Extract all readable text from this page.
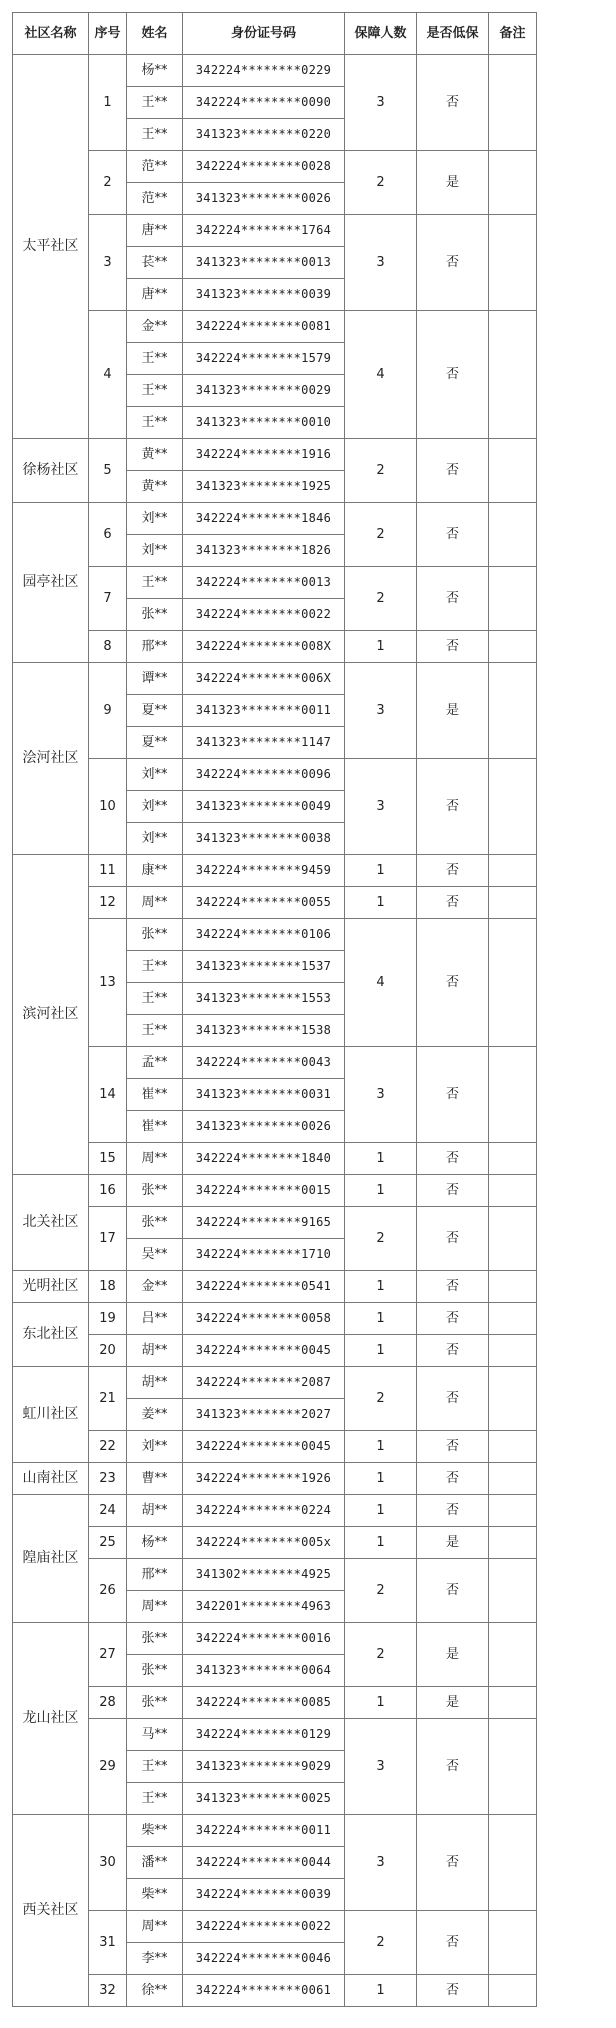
社区名称	序号	姓名	身份证号码	保障人数	是否低保	备注
太平社区	1	杨**	342224********0229	3	否	
		王**	342224********0090			
		王**	341323********0220			
	2	范**	342224********0028	2	是	
		范**	341323********0026			
	3	唐**	342224********1764	3	否	
		苌**	341323********0013			
		唐**	341323********0039			
	4	金**	342224********0081	4	否	
		王**	342224********1579			
		王**	341323********0029			
		王**	341323********0010			
徐杨社区	5	黄**	342224********1916	2	否	
		黄**	341323********1925			
园亭社区	6	刘**	342224********1846	2	否	
		刘**	341323********1826			
	7	王**	342224********0013	2	否	
		张**	342224********0022			
	8	邢**	342224********008X	1	否	
浍河社区	9	谭**	342224********006X	3	是	
		夏**	341323********0011			
		夏**	341323********1147			
	10	刘**	342224********0096	3	否	
		刘**	341323********0049			
		刘**	341323********0038			
滨河社区	11	康**	342224********9459	1	否	
	12	周**	342224********0055	1	否	
	13	张**	342224********0106	4	否	
		王**	341323********1537			
		王**	341323********1553			
		王**	341323********1538			
	14	孟**	342224********0043	3	否	
		崔**	341323********0031			
		崔**	341323********0026			
	15	周**	342224********1840	1	否	
北关社区	16	张**	342224********0015	1	否	
	17	张**	342224********9165	2	否	
		吴**	342224********1710			
光明社区	18	金**	342224********0541	1	否	
东北社区	19	吕**	342224********0058	1	否	
	20	胡**	342224********0045	1	否	
虹川社区	21	胡**	342224********2087	2	否	
		姜**	341323********2027			
	22	刘**	342224********0045	1	否	
山南社区	23	曹**	342224********1926	1	否	
隍庙社区	24	胡**	342224********0224	1	否	
	25	杨**	342224********005x	1	是	
	26	邢**	341302********4925	2	否	
		周**	342201********4963			
龙山社区	27	张**	342224********0016	2	是	
		张**	341323********0064			
	28	张**	342224********0085	1	是	
	29	马**	342224********0129	3	否	
		王**	341323********9029			
		王**	341323********0025			
西关社区	30	柴**	342224********0011	3	否	
		潘**	342224********0044			
		柴**	342224********0039			
	31	周**	342224********0022	2	否	
		李**	342224********0046			
	32	徐**	342224********0061	1	否	
